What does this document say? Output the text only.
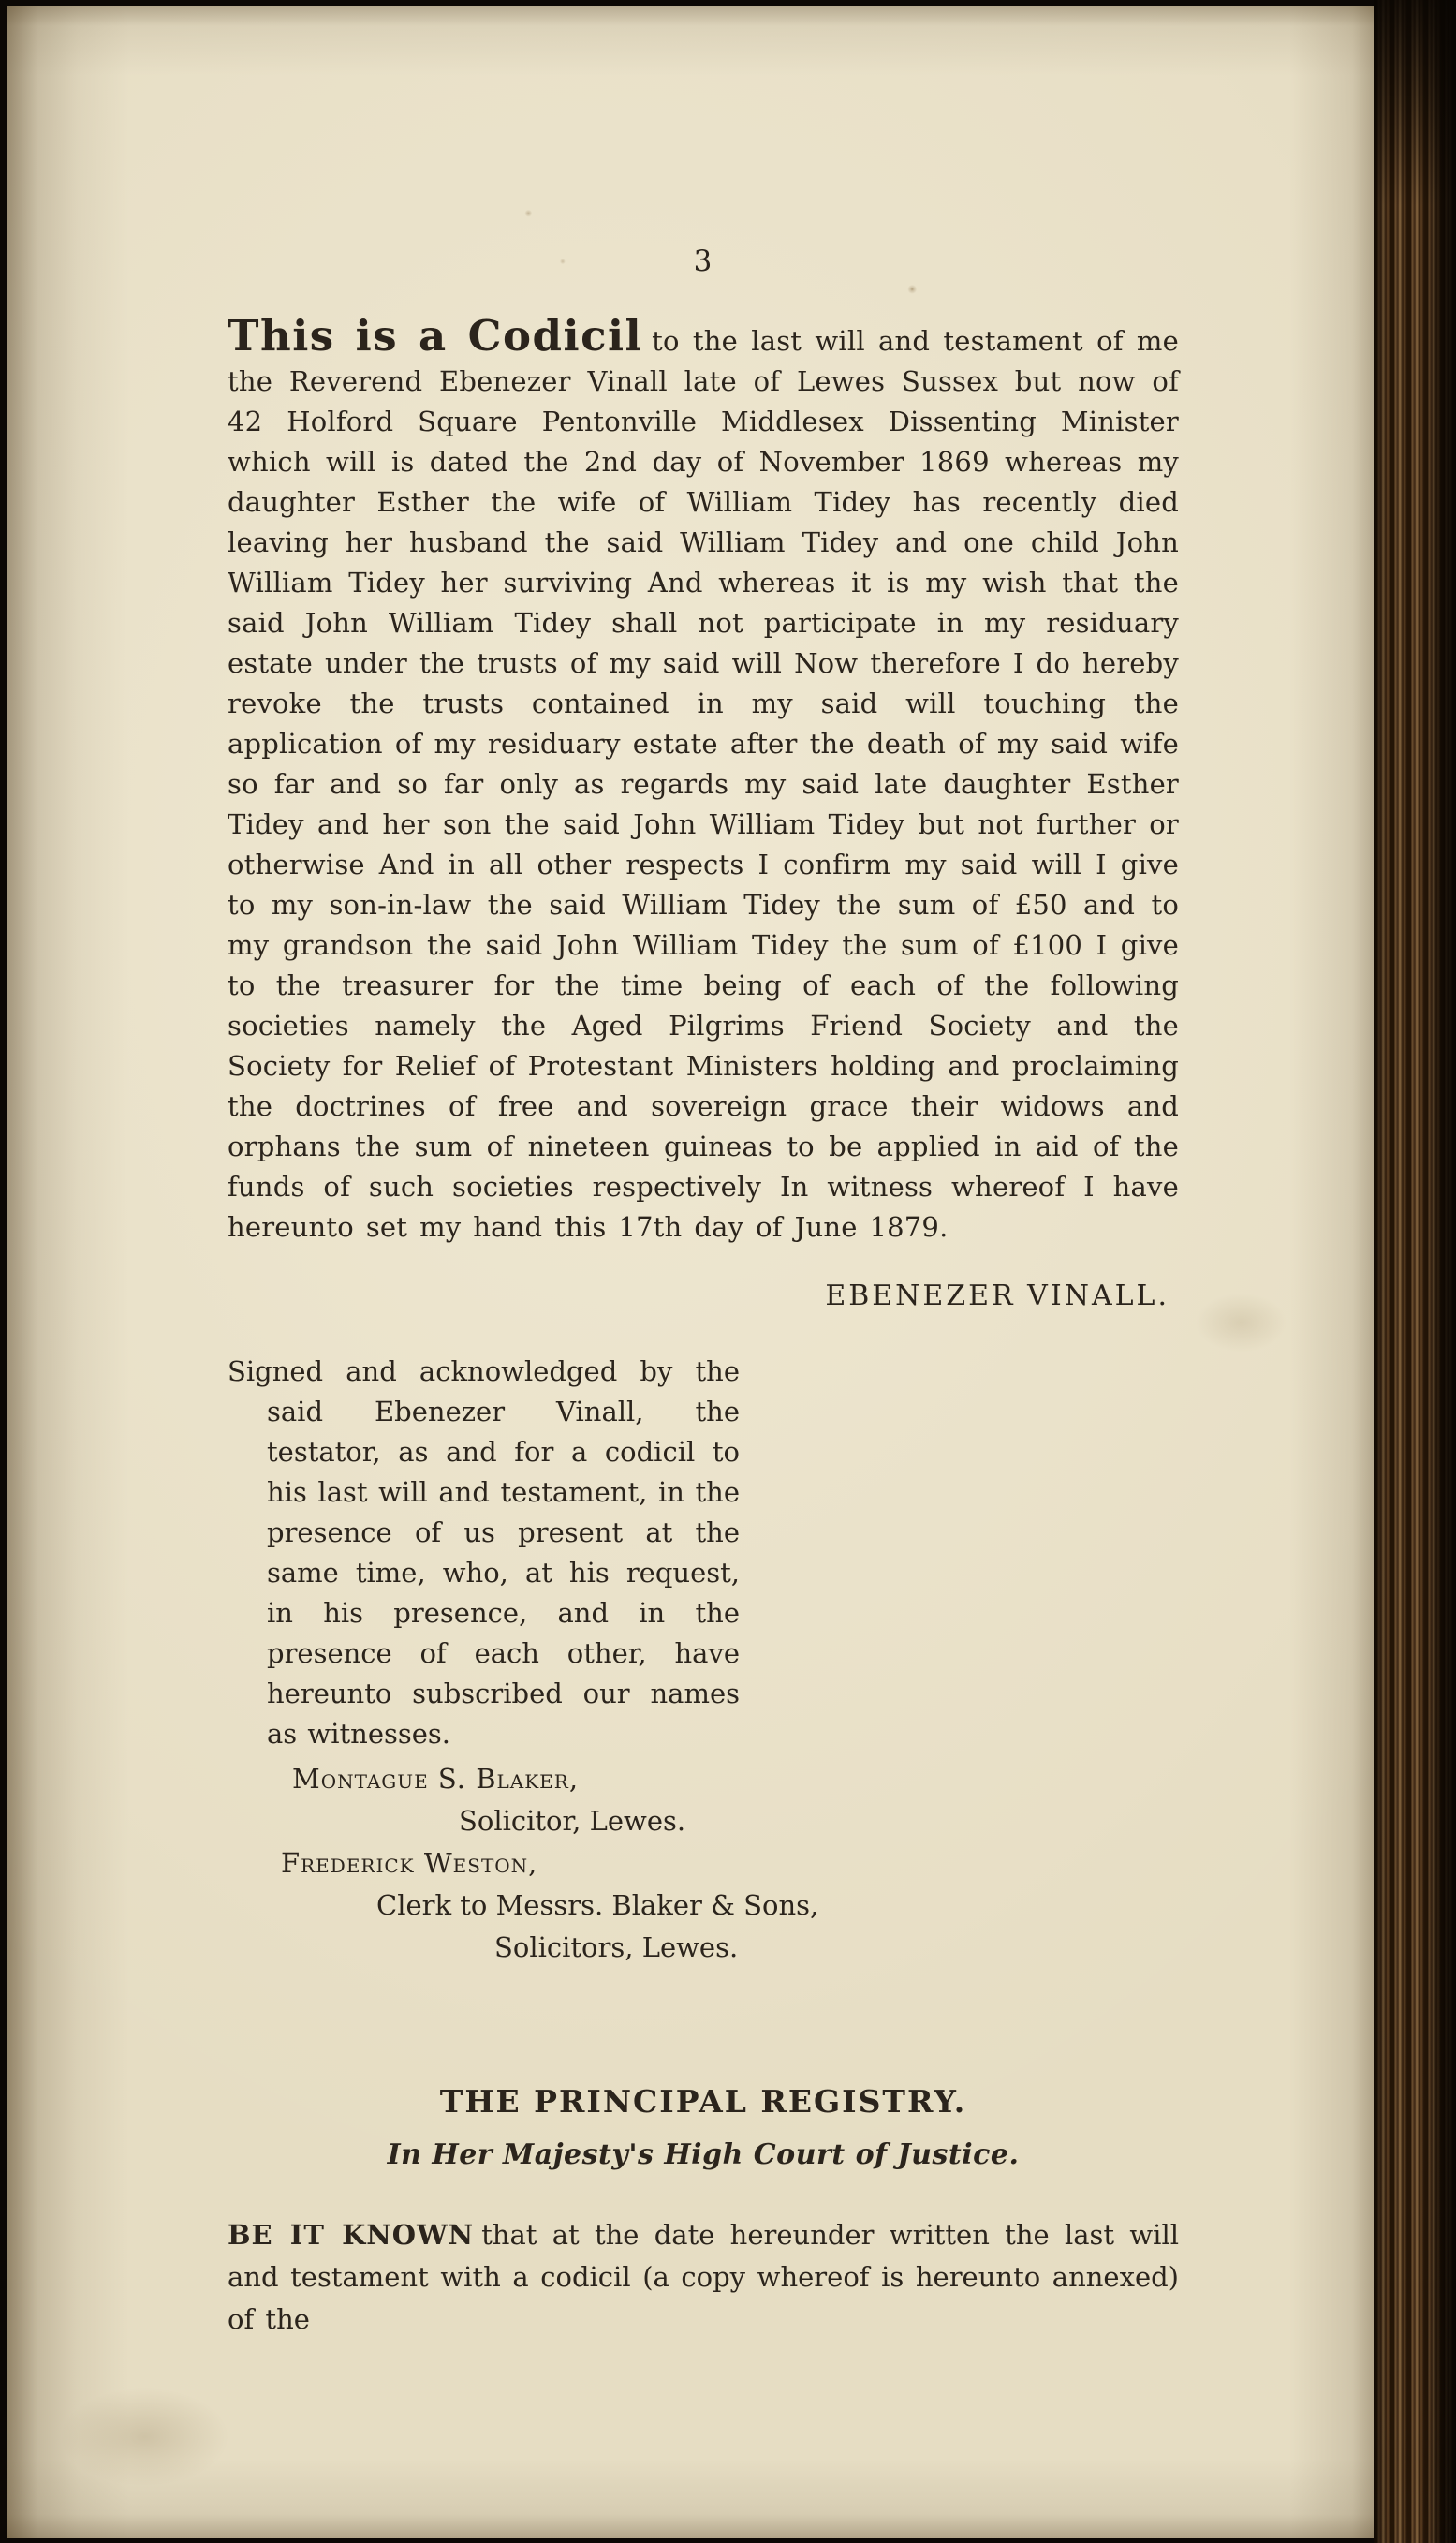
3

This is a Codicil to the last will and testament of me the Reverend Ebenezer Vinall late of Lewes Sussex but now of 42 Holford Square Pentonville Middlesex Dissenting Minister which will is dated the 2nd day of November 1869 whereas my daughter Esther the wife of William Tidey has recently died leaving her husband the said William Tidey and one child John William Tidey her surviving And whereas it is my wish that the said John William Tidey shall not participate in my residuary estate under the trusts of my said will Now therefore I do hereby revoke the trusts contained in my said will touching the application of my residuary estate after the death of my said wife so far and so far only as regards my said late daughter Esther Tidey and her son the said John William Tidey but not further or otherwise And in all other respects I confirm my said will I give to my son-in-law the said William Tidey the sum of £50 and to my grandson the said John William Tidey the sum of £100 I give to the treasurer for the time being of each of the following societies namely the Aged Pilgrims Friend Society and the Society for Relief of Protestant Ministers holding and proclaiming the doctrines of free and sovereign grace their widows and orphans the sum of nineteen guineas to be applied in aid of the funds of such societies respectively In witness whereof I have hereunto set my hand this 17th day of June 1879.

EBENEZER VINALL.
Signed and acknowledged by the said Ebenezer Vinall, the testator, as and for a codicil to his last will and testament, in the presence of us present at the same time, who, at his request, in his presence, and in the presence of each other, have hereunto subscribed our names as witnesses.
Montague S. Blaker,
Solicitor, Lewes.
Frederick Weston,
Clerk to Messrs. Blaker & Sons,
Solicitors, Lewes.
THE PRINCIPAL REGISTRY.
In Her Majesty's High Court of Justice.

BE IT KNOWN that at the date hereunder written the last will and testament with a codicil (a copy whereof is hereunto annexed) of the
